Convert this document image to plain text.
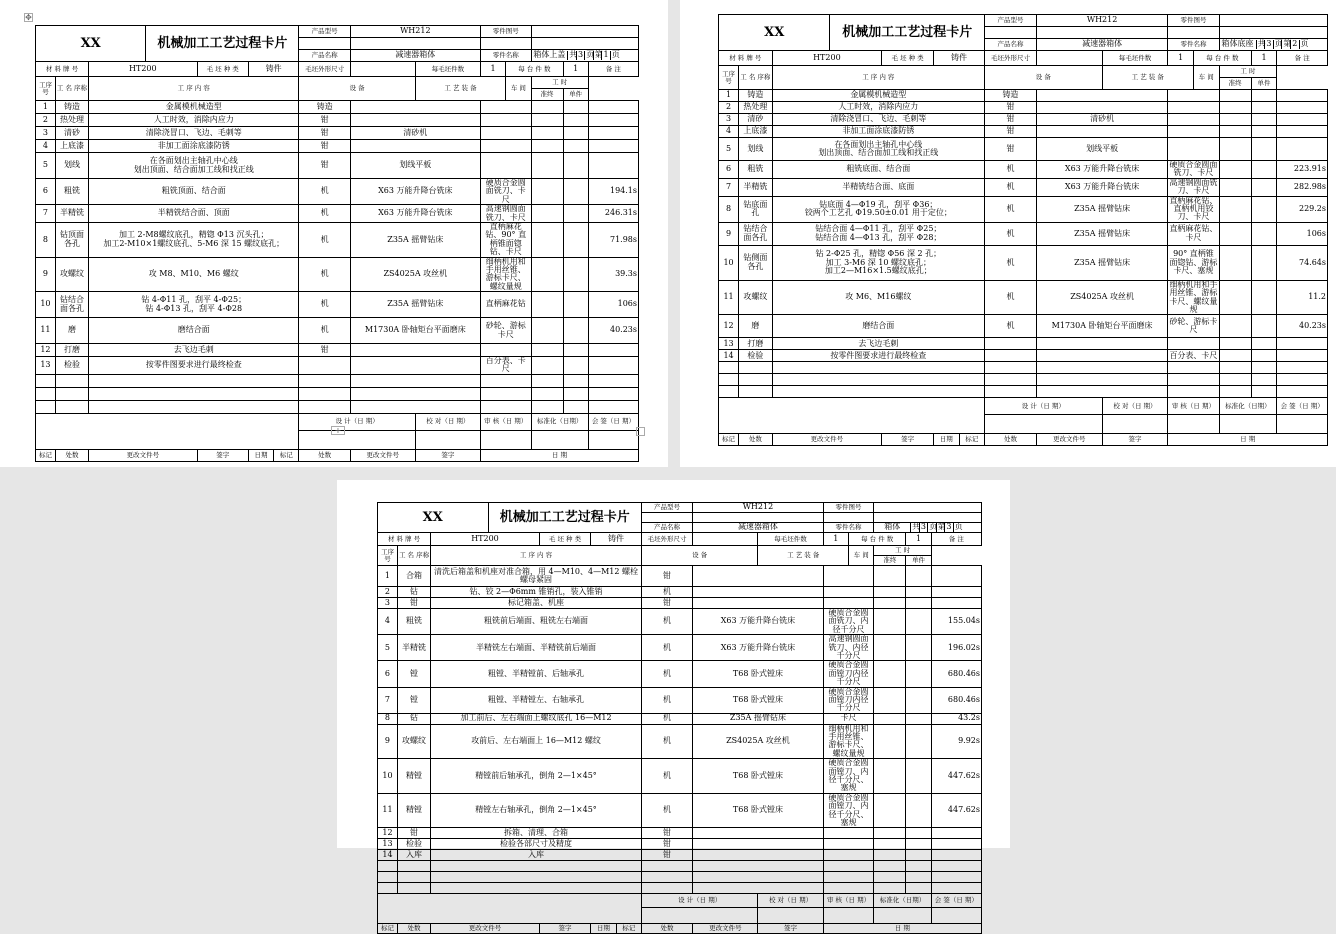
✥
XX	机械加工工艺过程卡片	产品型号	WH212	零件图号	

产品名称	减速器箱体	零件名称	箱体上盖	共	3	页	第	1	页

材 料 牌 号	HT200	毛 坯 种 类	铸件	毛坯外形尺寸		每毛坯件数	1	每 台 件 数	1	备 注
工序号	工 名 序称	工 序 内 容	设 备	工 艺 装 备	车 间	工 时
准终	单件
1	铸造	金属模机械造型	铸造					
2	热处理	人工时效，消除内应力	钳					
3	清砂	清除浇冒口、飞边、毛刺等	钳	清砂机				
4	上底漆	非加工面涂底漆防锈	钳					
5	划线	在各面划出主轴孔中心线
划出顶面、结合面加工线和找正线	钳	划线平板				
6	粗铣	粗铣顶面、结合面	机	X63 万能升降台铣床	硬质合金圆面铣刀、卡尺			194.1s
7	半精铣	半精铣结合面、顶面	机	X63 万能升降台铣床	高速钢圆面铣刀、卡尺			246.31s
8	钻顶面各孔	加工 2-M8螺纹底孔，精锪 Φ13 沉头孔；
加工2-M10×1螺纹底孔、5-M6 深 15 螺纹底孔；	机	Z35A 摇臂钻床	直柄麻花钻、90° 直柄锥面锪钻、卡尺			71.98s
9	攻螺纹	攻 M8、M10、M6 螺纹	机	ZS4025A 攻丝机	细柄机用和手用丝锥、游标卡尺、螺纹量规			39.3s
10	钻结合面各孔	钻 4-Φ11 孔，刮平 4-Φ25；
钻 4-Φ13 孔，刮平 4-Φ28	机	Z35A 摇臂钻床	直柄麻花钻			106s
11	磨	磨结合面	机	M1730A 卧轴矩台平面磨床	砂轮、游标卡尺			40.23s
12	打磨	去飞边毛刺	钳					
13	检验	按零件图要求进行最终检查			百分表、卡尺			

	设 计（日 期）	校 对（日 期）	审 核（日 期）	标准化（日期）	会 签（日 期）

标记	处数	更改文件号	签字	日期	标记	处数	更改文件号	签字	日 期
+
XX	机械加工工艺过程卡片	产品型号	WH212	零件图号	

产品名称	减速器箱体	零件名称	箱体底座	共	3	页	第	2	页

材 料 牌 号	HT200	毛 坯 种 类	铸件	毛坯外形尺寸		每毛坯件数	1	每 台 件 数	1	备 注
工序号	工 名 序称	工 序 内 容	设 备	工 艺 装 备	车 间	工 时
准终	单件
1	铸造	金属模机械造型	铸造					
2	热处理	人工时效，消除内应力	钳					
3	清砂	清除浇冒口、飞边、毛刺等	钳	清砂机				
4	上底漆	非加工面涂底漆防锈	钳					
5	划线	在各面划出主轴孔中心线
划出顶面、结合面加工线和找正线	钳	划线平板				
6	粗铣	粗铣底面、结合面	机	X63 万能升降台铣床	硬质合金圆面铣刀、卡尺			223.91s
7	半精铣	半精铣结合面、底面	机	X63 万能升降台铣床	高速钢圆面铣刀、卡尺			282.98s
8	钻底面孔	钻底面 4—Φ19 孔，刮平 Φ36；
铰两个工艺孔 Φ19.50±0.01 用于定位；	机	Z35A 摇臂钻床	直柄麻花钻、直柄机用铰刀、卡尺			229.2s
9	钻结合面各孔	钻结合面 4—Φ11 孔，刮平 Φ25；
钻结合面 4—Φ13 孔，刮平 Φ28；	机	Z35A 摇臂钻床	直柄麻花钻、卡尺			106s
10	钻侧面各孔	钻 2-Φ25 孔，精锪 Φ56 深 2 孔；
加工 3-M6 深 10 螺纹底孔；
加工2—M16×1.5螺纹底孔；	机	Z35A 摇臂钻床	90° 直柄锥面锪钻、游标卡尺、塞规			74.64s
11	攻螺纹	攻 M6、M16螺纹	机	ZS4025A 攻丝机	细柄机用和手用丝锥、游标卡尺、螺纹量规			11.2
12	磨	磨结合面	机	M1730A 卧轴矩台平面磨床	砂轮、游标卡尺			40.23s
13	打磨	去飞边毛刺						
14	检验	按零件图要求进行最终检查			百分表、卡尺			

	设 计（日 期）	校 对（日 期）	审 核（日 期）	标准化（日期）	会 签（日 期）

标记	处数	更改文件号	签字	日期	标记	处数	更改文件号	签字	日 期
XX	机械加工工艺过程卡片	产品型号	WH212	零件图号	

产品名称	减速器箱体	零件名称		箱体	共	3	页	第	3	页

材 料 牌 号	HT200	毛 坯 种 类	铸件	毛坯外形尺寸		每毛坯件数	1	每 台 件 数	1	备 注
工序号	工 名 序称	工 序 内 容	设 备	工 艺 装 备	车 间	工 时
准终	单件
1	合箱	清洗后箱盖和机座对准合箱，用 4—M10、4—M12 螺栓螺母紧固	钳					
2	钻	钻、铰 2—Φ6mm 锥销孔，装入锥销	机					
3	钳	标记箱盖、机座	钳					
4	粗铣	粗铣前后端面、粗铣左右端面	机	X63 万能升降台铣床	硬质合金圆面铣刀、内径千分尺			155.04s
5	半精铣	半精铣左右端面、半精铣前后端面	机	X63 万能升降台铣床	高速钢圆面铣刀、内径千分尺			196.02s
6	镗	粗镗、半精镗前、后轴承孔	机	T68 卧式镗床	硬质合金圆面镗刀内径千分尺			680.46s
7	镗	粗镗、半精镗左、右轴承孔	机	T68 卧式镗床	硬质合金圆面镗刀内径千分尺			680.46s
8	钻	加工前后、左右端面上螺纹底孔 16—M12	机	Z35A 摇臂钻床	卡尺			43.2s
9	攻螺纹	攻前后、左右端面上 16—M12 螺纹	机	ZS4025A 攻丝机	细柄机用和手用丝锥、游标卡尺、螺纹量规			9.92s
10	精镗	精镗前后轴承孔，倒角 2—1×45°	机	T68 卧式镗床	硬质合金圆面镗刀、内径千分尺、塞规			447.62s
11	精镗	精镗左右轴承孔，倒角 2—1×45°	机	T68 卧式镗床	硬质合金圆面镗刀、内径千分尺、塞规			447.62s
12	钳	拆箱、清理、合箱	钳					
13	检验	检验各部尺寸及精度	钳					
14	入库	入库	钳					

	设 计（日 期）	校 对（日 期）	审 核（日 期）	标准化（日期）	会 签（日 期）

标记	处数	更改文件号	签字	日期	标记	处数	更改文件号	签字	日 期
